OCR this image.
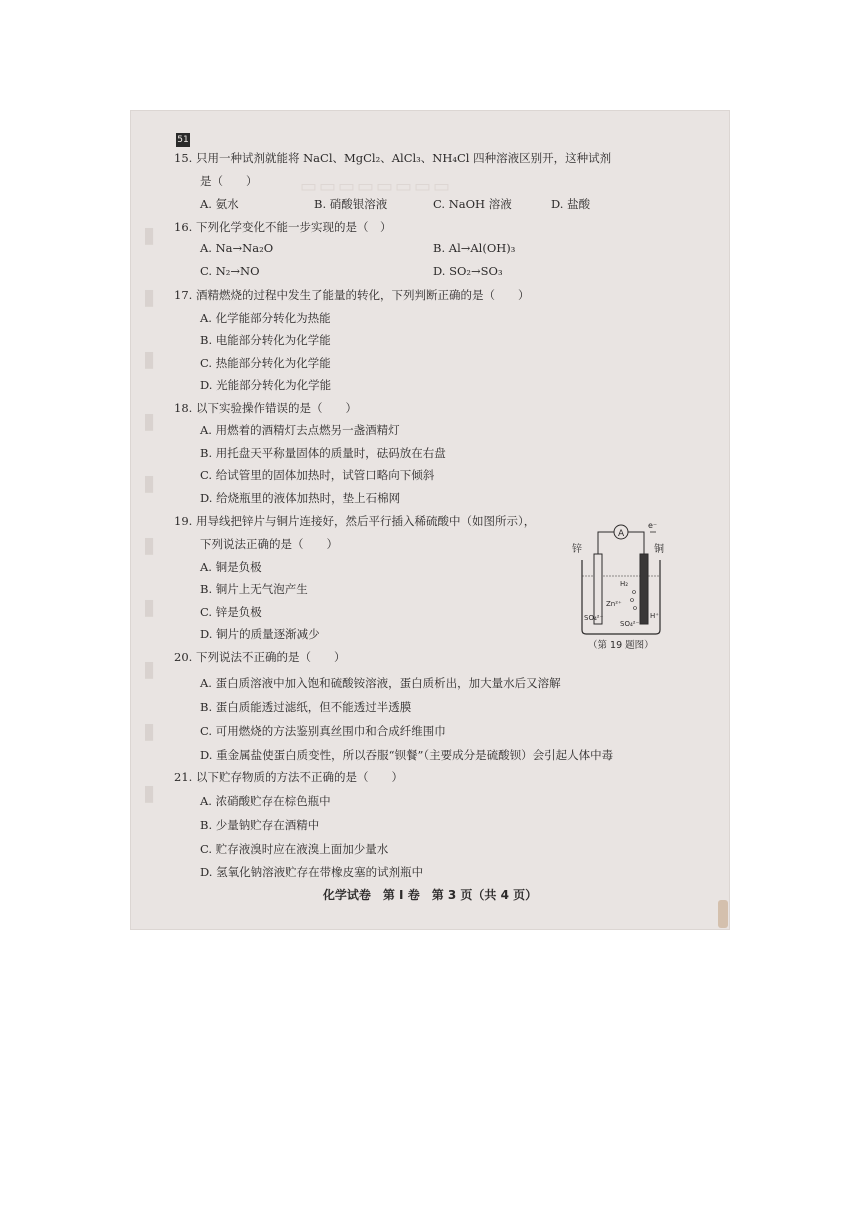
51
▮
▮
▮
▮
▮
▮
▮
▮
▮
▮
▭▭▭▭▭▭▭▭
15. 只用一种试剂就能将 NaCl、MgCl₂、AlCl₃、NH₄Cl 四种溶液区别开，这种试剂
是（　　）
A. 氨水	B. 硝酸银溶液	C. NaOH 溶液	D. 盐酸
16. 下列化学变化不能一步实现的是（　）
A. Na→Na₂O	B. Al→Al(OH)₃
C. N₂→NO	D. SO₂→SO₃
17. 酒精燃烧的过程中发生了能量的转化，下列判断正确的是（　　）
A. 化学能部分转化为热能
B. 电能部分转化为化学能
C. 热能部分转化为化学能
D. 光能部分转化为化学能
18. 以下实验操作错误的是（　　）
A. 用燃着的酒精灯去点燃另一盏酒精灯
B. 用托盘天平称量固体的质量时，砝码放在右盘
C. 给试管里的固体加热时，试管口略向下倾斜
D. 给烧瓶里的液体加热时，垫上石棉网
19. 用导线把锌片与铜片连接好，然后平行插入稀硫酸中（如图所示），
下列说法正确的是（　　）
A. 铜是负极
B. 铜片上无气泡产生
C. 锌是负极
D. 铜片的质量逐渐减少
A
e⁻
锌	铜
H₂
Zn²⁺
SO₄²⁻
SO₄²⁻
H⁺
（第 19 题图）
20. 下列说法不正确的是（　　）
A. 蛋白质溶液中加入饱和硫酸铵溶液，蛋白质析出，加大量水后又溶解
B. 蛋白质能透过滤纸，但不能透过半透膜
C. 可用燃烧的方法鉴别真丝围巾和合成纤维围巾
D. 重金属盐使蛋白质变性，所以吞服“钡餐”（主要成分是硫酸钡）会引起人体中毒
21. 以下贮存物质的方法不正确的是（　　）
A. 浓硝酸贮存在棕色瓶中
B. 少量钠贮存在酒精中
C. 贮存液溴时应在液溴上面加少量水
D. 氢氧化钠溶液贮存在带橡皮塞的试剂瓶中
化学试卷　第 Ⅰ 卷　第 3 页（共 4 页）
